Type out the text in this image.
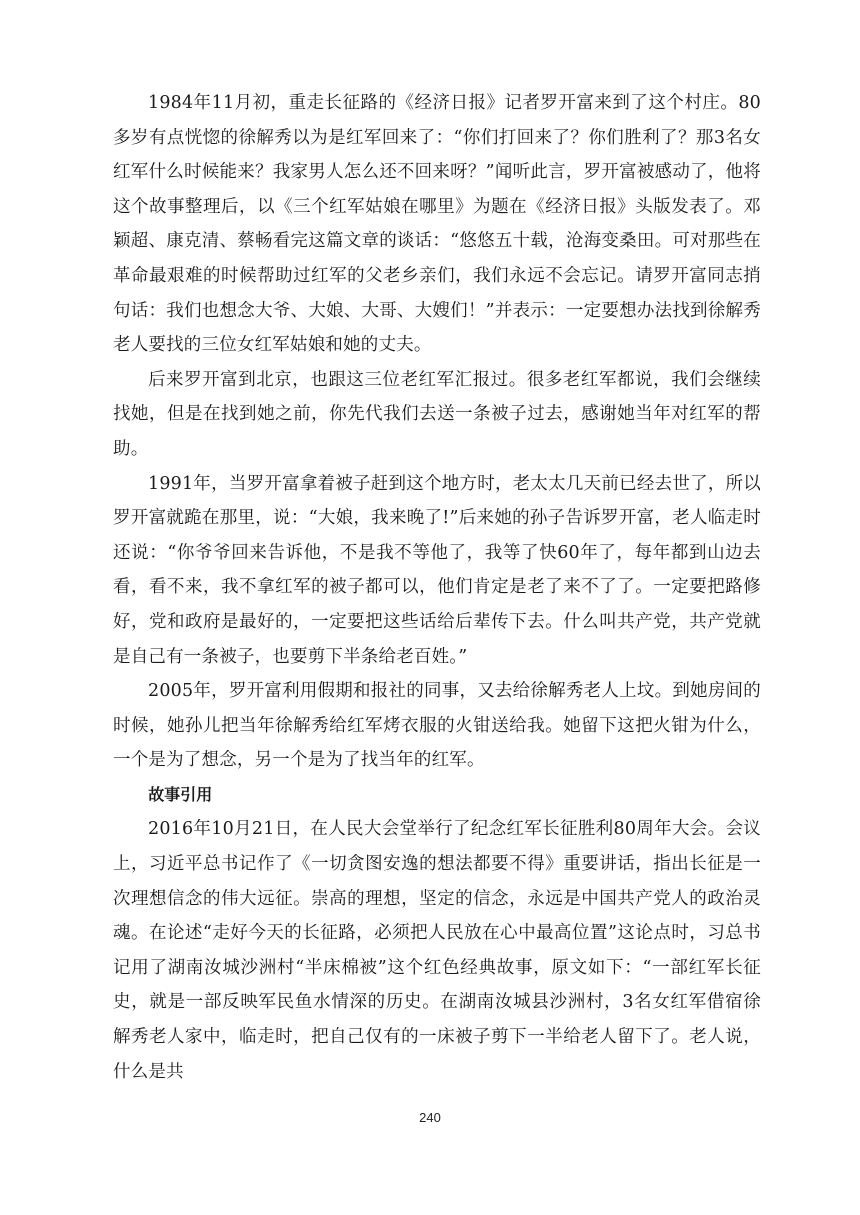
1984年11月初，重走长征路的《经济日报》记者罗开富来到了这个村庄。80多岁有点恍惚的徐解秀以为是红军回来了：“你们打回来了？你们胜利了？那3名女红军什么时候能来？我家男人怎么还不回来呀？”闻听此言，罗开富被感动了，他将这个故事整理后，以《三个红军姑娘在哪里》为题在《经济日报》头版发表了。邓颖超、康克清、蔡畅看完这篇文章的谈话：“悠悠五十载，沧海变桑田。可对那些在革命最艰难的时候帮助过红军的父老乡亲们，我们永远不会忘记。请罗开富同志捎句话：我们也想念大爷、大娘、大哥、大嫂们！”并表示：一定要想办法找到徐解秀老人要找的三位女红军姑娘和她的丈夫。

后来罗开富到北京，也跟这三位老红军汇报过。很多老红军都说，我们会继续找她，但是在找到她之前，你先代我们去送一条被子过去，感谢她当年对红军的帮助。

1991年，当罗开富拿着被子赶到这个地方时，老太太几天前已经去世了，所以罗开富就跪在那里，说：“大娘，我来晚了!”后来她的孙子告诉罗开富，老人临走时还说：“你爷爷回来告诉他，不是我不等他了，我等了快60年了，每年都到山边去看，看不来，我不拿红军的被子都可以，他们肯定是老了来不了了。一定要把路修好，党和政府是最好的，一定要把这些话给后辈传下去。什么叫共产党，共产党就是自己有一条被子，也要剪下半条给老百姓。”

2005年，罗开富利用假期和报社的同事，又去给徐解秀老人上坟。到她房间的时候，她孙儿把当年徐解秀给红军烤衣服的火钳送给我。她留下这把火钳为什么，一个是为了想念，另一个是为了找当年的红军。

故事引用

2016年10月21日，在人民大会堂举行了纪念红军长征胜利80周年大会。会议上，习近平总书记作了《一切贪图安逸的想法都要不得》重要讲话，指出长征是一次理想信念的伟大远征。崇高的理想，坚定的信念，永远是中国共产党人的政治灵魂。在论述“走好今天的长征路，必须把人民放在心中最高位置”这论点时，习总书记用了湖南汝城沙洲村“半床棉被”这个红色经典故事，原文如下：“一部红军长征史，就是一部反映军民鱼水情深的历史。在湖南汝城县沙洲村，3名女红军借宿徐解秀老人家中，临走时，把自己仅有的一床被子剪下一半给老人留下了。老人说，什么是共

240
